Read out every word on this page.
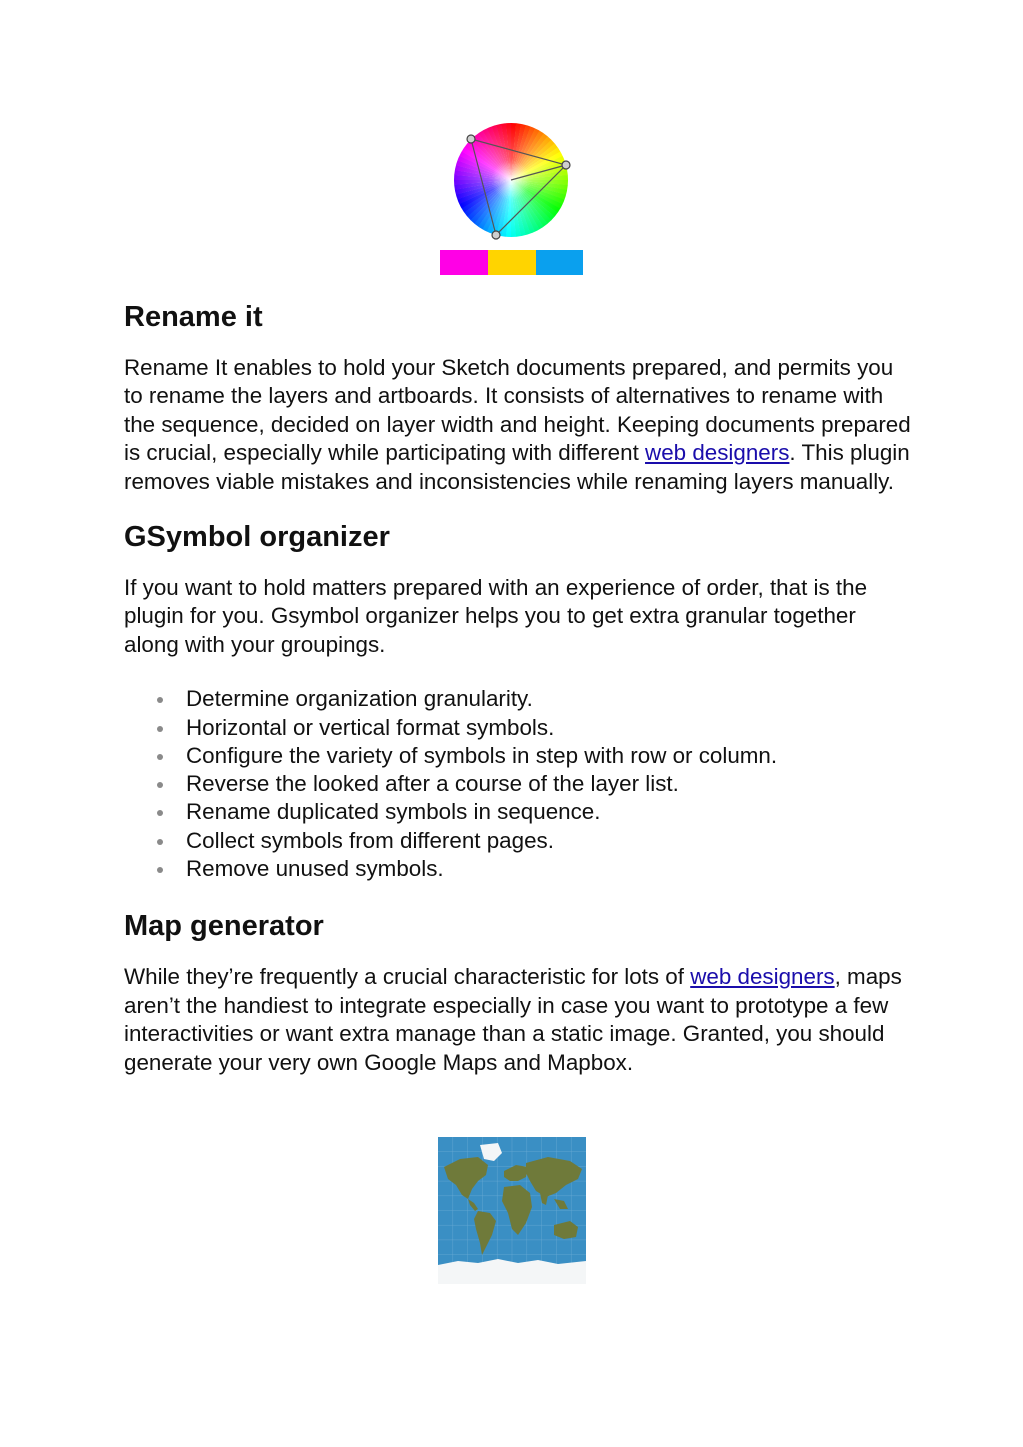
Rename it

Rename It enables to hold your Sketch documents prepared, and permits you to rename the layers and artboards. It consists of alternatives to rename with the sequence, decided on layer width and height. Keeping documents prepared is crucial, especially while participating with different web designers. This plugin removes viable mistakes and inconsistencies while renaming layers manually.

GSymbol organizer

If you want to hold matters prepared with an experience of order, that is the plugin for you. Gsymbol organizer helps you to get extra granular together along with your groupings.

Determine organization granularity.
Horizontal or vertical format symbols.
Configure the variety of symbols in step with row or column.
Reverse the looked after a course of the layer list.
Rename duplicated symbols in sequence.
Collect symbols from different pages.
Remove unused symbols.
Map generator

While they’re frequently a crucial characteristic for lots of web designers, maps aren’t the handiest to integrate especially in case you want to prototype a few interactivities or want extra manage than a static image. Granted, you should generate your very own Google Maps and Mapbox.
